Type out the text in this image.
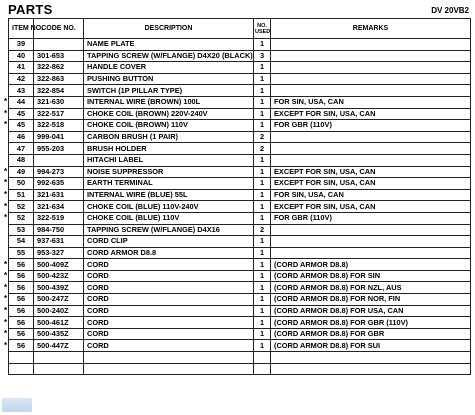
PARTS	DV 20VB2
ITEM NO.	CODE NO.	DESCRIPTION	NO. USED	REMARKS

39		NAME PLATE	1	

40	301-653	TAPPING SCREW (W/FLANGE) D4X20 (BLACK)	3	

41	322-862	HANDLE COVER	1	

42	322-863	PUSHING BUTTON	1	

43	322-854	SWITCH (1P PILLAR TYPE)	1	

* 44	321-630	INTERNAL WIRE (BROWN) 100L	1	FOR SIN, USA, CAN

* 45	322-517	CHOKE COIL (BROWN) 220V-240V	1	EXCEPT FOR SIN, USA, CAN

* 45	322-518	CHOKE COIL (BROWN) 110V	1	FOR GBR (110V)

46	999-041	CARBON BRUSH (1 PAIR)	2	

47	955-203	BRUSH HOLDER	2	

48		HITACHI LABEL	1	

* 49	994-273	NOISE SUPPRESSOR	1	EXCEPT FOR SIN, USA, CAN

* 50	992-635	EARTH TERMINAL	1	EXCEPT FOR SIN, USA, CAN

* 51	321-631	INTERNAL WIRE (BLUE) 55L	1	FOR SIN, USA, CAN

* 52	321-634	CHOKE COIL (BLUE) 110V-240V	1	EXCEPT FOR SIN, USA, CAN

* 52	322-519	CHOKE COIL (BLUE) 110V	1	FOR GBR (110V)

53	984-750	TAPPING SCREW (W/FLANGE) D4X16	2	

54	937-631	CORD CLIP	1	

55	953-327	CORD ARMOR D8.8	1	

* 56	500-409Z	CORD	1	(CORD ARMOR D8.8)

* 56	500-423Z	CORD	1	(CORD ARMOR D8.8) FOR SIN

* 56	500-439Z	CORD	1	(CORD ARMOR D8.8) FOR NZL, AUS

* 56	500-247Z	CORD	1	(CORD ARMOR D8.8) FOR NOR, FIN

* 56	500-240Z	CORD	1	(CORD ARMOR D8.8) FOR USA, CAN

* 56	500-461Z	CORD	1	(CORD ARMOR D8.8) FOR GBR (110V)

* 56	500-435Z	CORD	1	(CORD ARMOR D8.8) FOR GBR

* 56	500-447Z	CORD	1	(CORD ARMOR D8.8) FOR SUI
